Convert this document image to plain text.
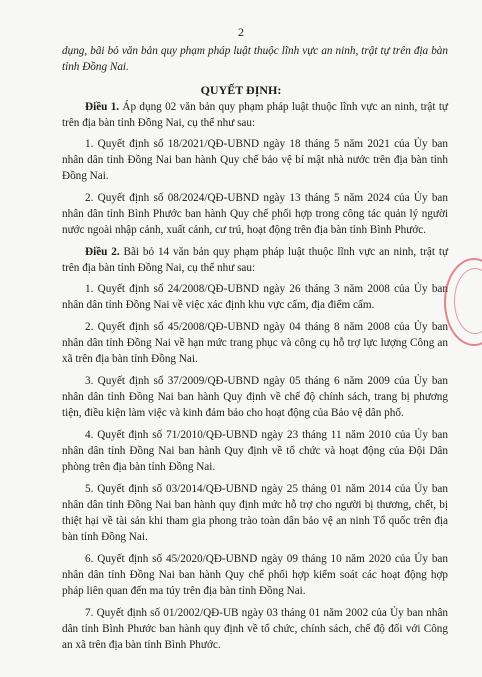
2
dụng, bãi bỏ văn bản quy phạm pháp luật thuộc lĩnh vực an ninh, trật tự trên địa bàn tỉnh Đồng Nai.
QUYẾT ĐỊNH:

Điều 1. Áp dụng 02 văn bản quy phạm pháp luật thuộc lĩnh vực an ninh, trật tự trên địa bàn tỉnh Đồng Nai, cụ thể như sau:

1. Quyết định số 18/2021/QĐ-UBND ngày 18 tháng 5 năm 2021 của Ủy ban nhân dân tỉnh Đồng Nai ban hành Quy chế bảo vệ bí mật nhà nước trên địa bàn tỉnh Đồng Nai.

2. Quyết định số 08/2024/QĐ-UBND ngày 13 tháng 5 năm 2024 của Ủy ban nhân dân tỉnh Bình Phước ban hành Quy chế phối hợp trong công tác quản lý người nước ngoài nhập cảnh, xuất cảnh, cư trú, hoạt động trên địa bàn tỉnh Bình Phước.

Điều 2. Bãi bỏ 14 văn bản quy phạm pháp luật thuộc lĩnh vực an ninh, trật tự trên địa bàn tỉnh Đồng Nai, cụ thể như sau:

1. Quyết định số 24/2008/QĐ-UBND ngày 26 tháng 3 năm 2008 của Ủy ban nhân dân tỉnh Đồng Nai về việc xác định khu vực cấm, địa điểm cấm.

2. Quyết định số 45/2008/QĐ-UBND ngày 04 tháng 8 năm 2008 của Ủy ban nhân dân tỉnh Đồng Nai về hạn mức trang phục và công cụ hỗ trợ lực lượng Công an xã trên địa bàn tỉnh Đồng Nai.

3. Quyết định số 37/2009/QĐ-UBND ngày 05 tháng 6 năm 2009 của Ủy ban nhân dân tỉnh Đồng Nai ban hành Quy định về chế độ chính sách, trang bị phương tiện, điều kiện làm việc và kinh đảm bảo cho hoạt động của Bảo vệ dân phố.

4. Quyết định số 71/2010/QĐ-UBND ngày 23 tháng 11 năm 2010 của Ủy ban nhân dân tỉnh Đồng Nai ban hành Quy định về tổ chức và hoạt động của Đội Dân phòng trên địa bàn tỉnh Đồng Nai.

5. Quyết định số 03/2014/QĐ-UBND ngày 25 tháng 01 năm 2014 của Ủy ban nhân dân tỉnh Đồng Nai ban hành quy định mức hỗ trợ cho người bị thương, chết, bị thiệt hại về tài sản khi tham gia phong trào toàn dân bảo vệ an ninh Tổ quốc trên địa bàn tỉnh Đồng Nai.

6. Quyết định số 45/2020/QĐ-UBND ngày 09 tháng 10 năm 2020 của Ủy ban nhân dân tỉnh Đồng Nai ban hành Quy chế phối hợp kiểm soát các hoạt động hợp pháp liên quan đến ma túy trên địa bàn tỉnh Đồng Nai.

7. Quyết định số 01/2002/QĐ-UB ngày 03 tháng 01 năm 2002 của Ủy ban nhân dân tỉnh Bình Phước ban hành quy định về tổ chức, chính sách, chế độ đối với Công an xã trên địa bàn tỉnh Bình Phước.
